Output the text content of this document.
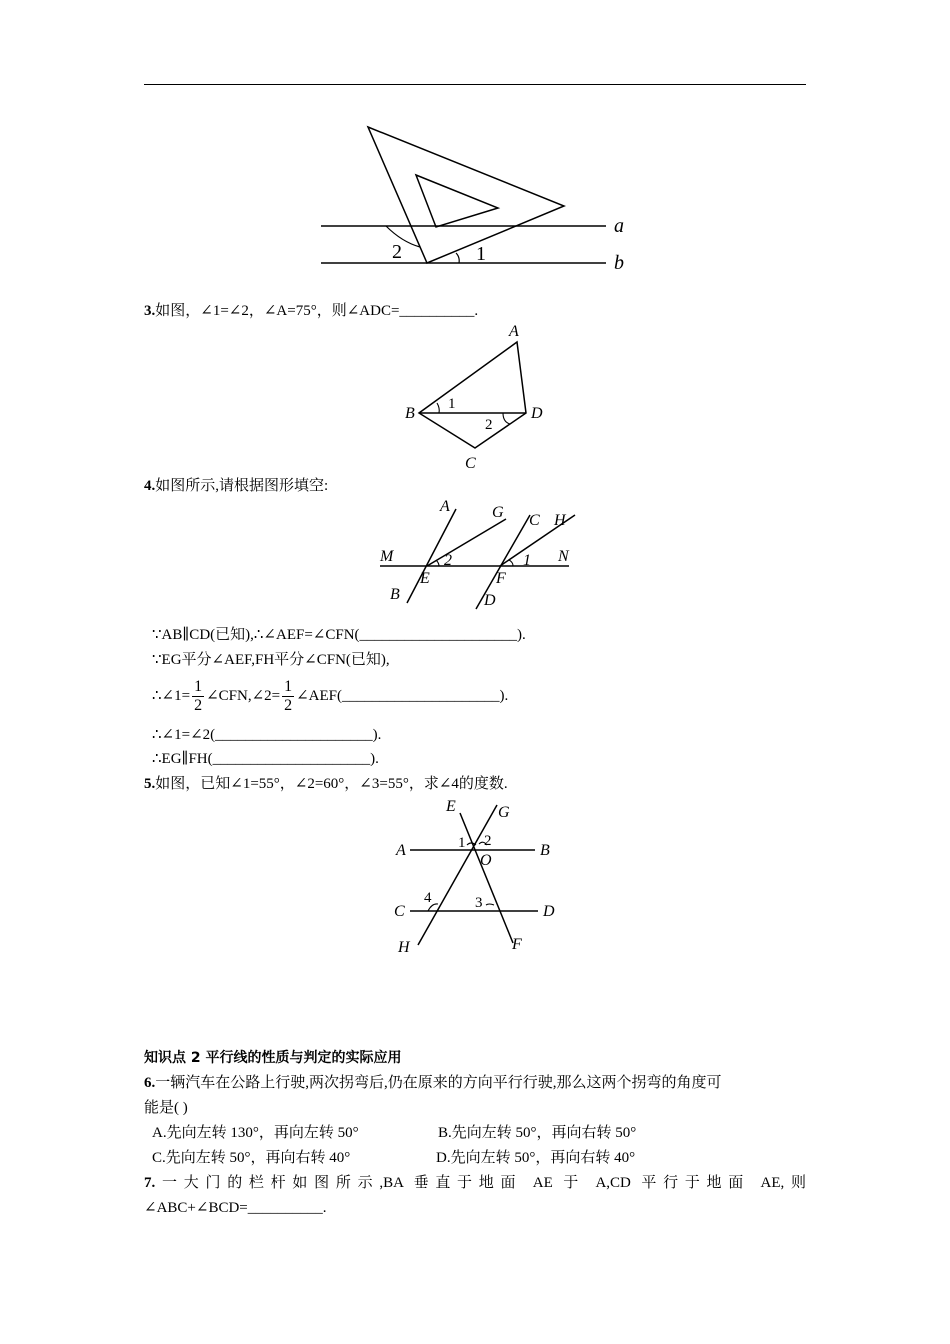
a
b
2	1
3.如图，∠1=∠2，∠A=75°，则∠ADC=__________.
A
B
C
D
1
2
4.如图所示,请根据图形填空:
A
B
C
D
E	F
G	H
M	N
2	1
∵AB∥CD(已知),∴∠AEF=∠CFN(_____________________).
∵EG平分∠AEF,FH平分∠CFN(已知),
∴∠1= $\frac{1}{2}$ ∠CFN,∠2= $\frac{1}{2}$ ∠AEF(_____________________).
∴∠1=∠2(_____________________).
∴EG∥FH(_____________________).
5.如图，已知∠1=55°，∠2=60°，∠3=55°，求∠4的度数.
E	G
A	B
O
C	D
H	F
1 2
4	3
知识点 2 平行线的性质与判定的实际应用
6.一辆汽车在公路上行驶,两次拐弯后,仍在原来的方向平行行驶,那么这两个拐弯的角度可
能是( )
A.先向左转 130°，再向左转 50°	B.先向左转 50°，再向右转 50°
C.先向左转 50°，再向右转 40°	D.先向左转 50°，再向右转 40°
7.一大门的栏杆如图所示,BA 垂直于地面 AE 于 A,CD 平行于地面 AE,则
∠ABC+∠BCD=__________.
